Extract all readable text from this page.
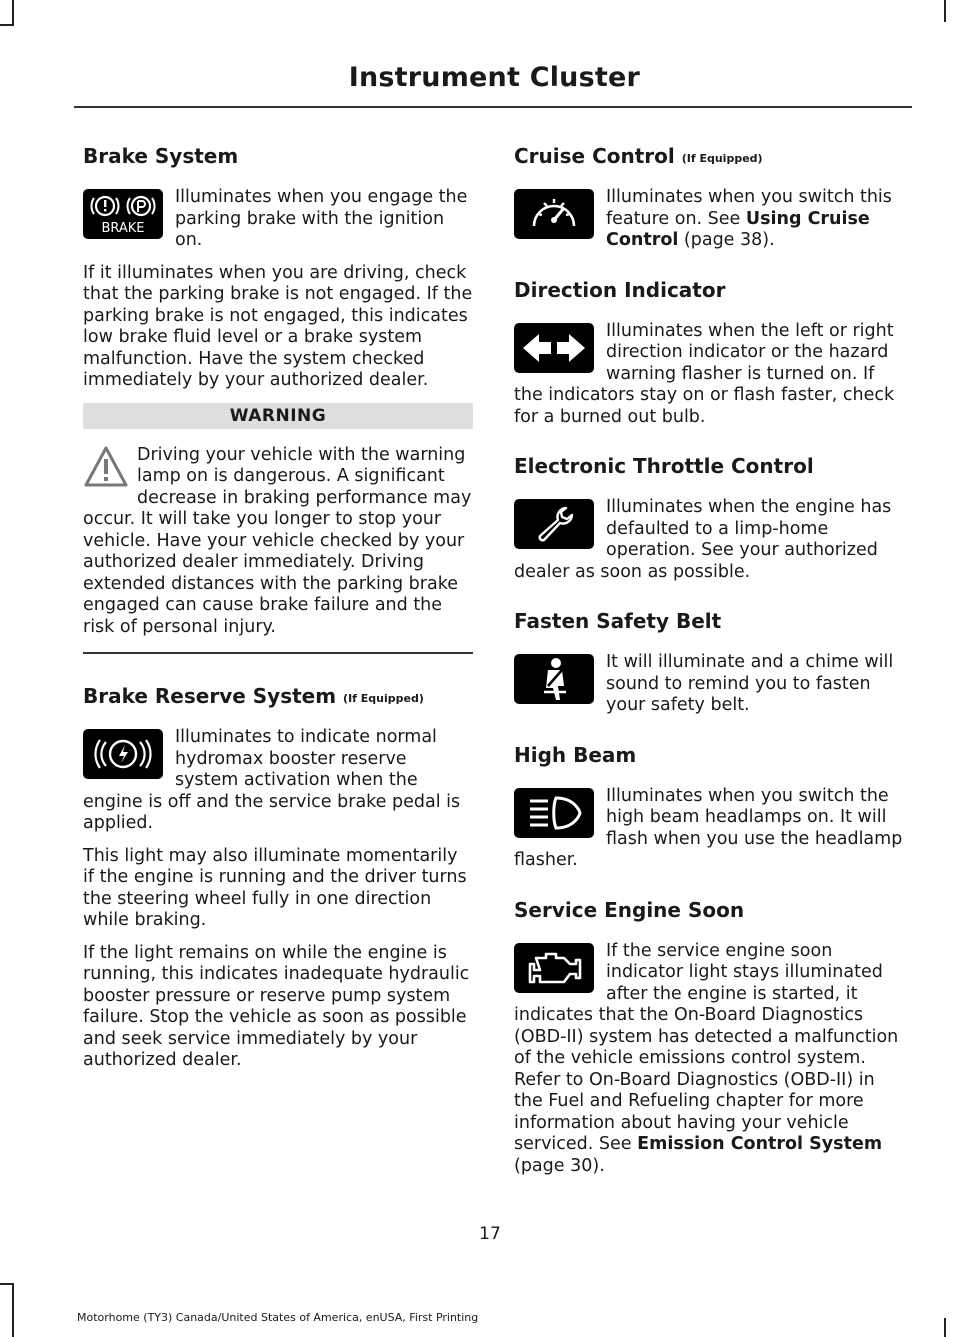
Instrument Cluster
Brake System

BRAKE
Illuminates when you engage the parking brake with the ignition on.

If it illuminates when you are driving, check that the parking brake is not engaged. If the parking brake is not engaged, this indicates low brake fluid level or a brake system malfunction. Have the system checked immediately by your authorized dealer.

WARNING
Driving your vehicle with the warning lamp on is dangerous. A significant decrease in braking performance may occur. It will take you longer to stop your vehicle. Have your vehicle checked by your authorized dealer immediately. Driving extended distances with the parking brake engaged can cause brake failure and the risk of personal injury.
Brake Reserve System (If Equipped)

Illuminates to indicate normal hydromax booster reserve system activation when the engine is off and the service brake pedal is applied.

This light may also illuminate momentarily if the engine is running and the driver turns the steering wheel fully in one direction while braking.

If the light remains on while the engine is running, this indicates inadequate hydraulic booster pressure or reserve pump system failure. Stop the vehicle as soon as possible and seek service immediately by your authorized dealer.

Cruise Control (If Equipped)

Illuminates when you switch this feature on. See Using Cruise Control (page 38).

Direction Indicator

Illuminates when the left or right direction indicator or the hazard warning flasher is turned on. If the indicators stay on or flash faster, check for a burned out bulb.

Electronic Throttle Control

Illuminates when the engine has defaulted to a limp-home operation. See your authorized dealer as soon as possible.

Fasten Safety Belt

It will illuminate and a chime will sound to remind you to fasten your safety belt.

High Beam

Illuminates when you switch the high beam headlamps on. It will flash when you use the headlamp flasher.

Service Engine Soon

If the service engine soon indicator light stays illuminated after the engine is started, it indicates that the On-Board Diagnostics (OBD-II) system has detected a malfunction of the vehicle emissions control system. Refer to On-Board Diagnostics (OBD-II) in the Fuel and Refueling chapter for more information about having your vehicle serviced. See Emission Control System (page 30).

17
Motorhome (TY3) Canada/United States of America, enUSA, First Printing
